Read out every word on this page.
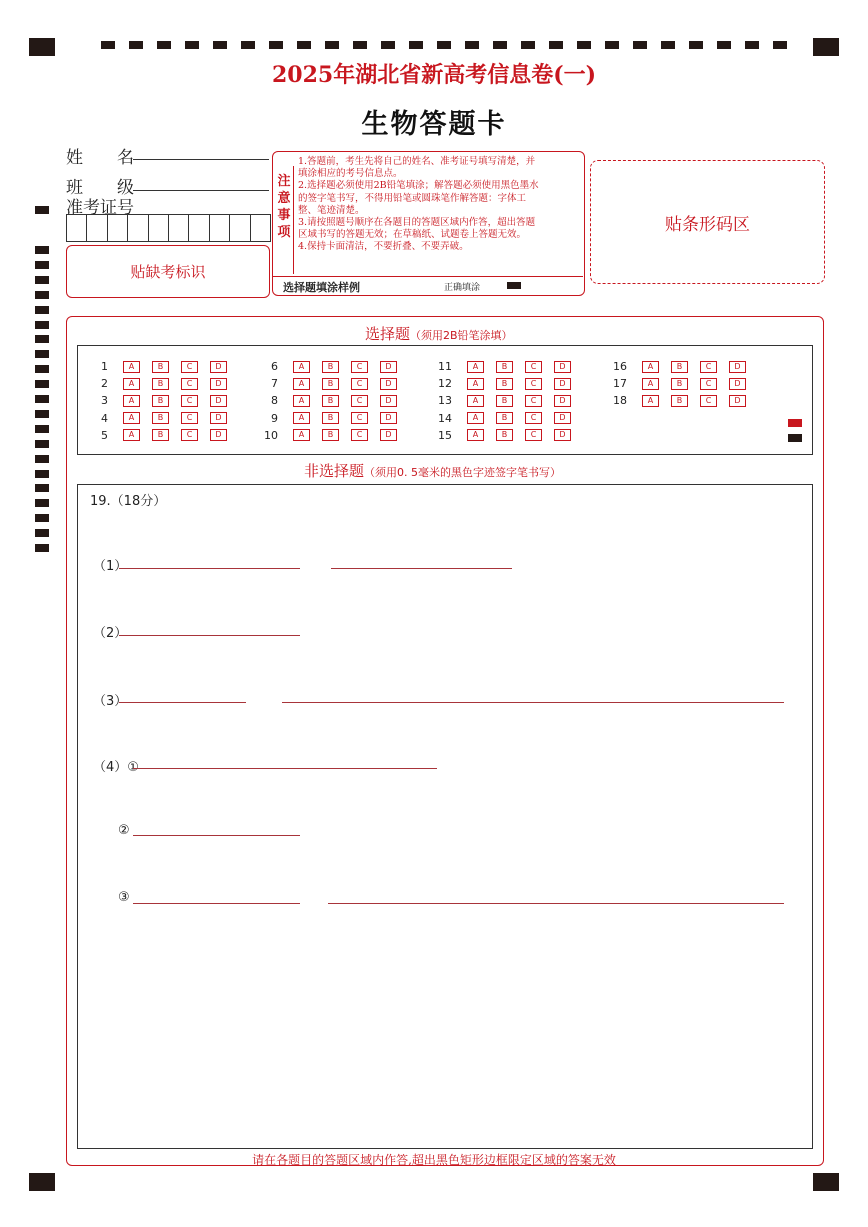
2025年湖北省新高考信息卷(一)
生物答题卡
姓　　名
班　　级
准考证号
贴缺考标识
注
意
事
项
1.答题前，考生先将自己的姓名、准考证号填写清楚，并
填涂相应的考号信息点。
2.选择题必须使用2B铅笔填涂；解答题必须使用黑色墨水
的签字笔书写，不得用铅笔或圆珠笔作解答题：字体工
整、笔迹清楚。
3.请按照题号顺序在各题目的答题区域内作答，超出答题
区域书写的答题无效；在草稿纸、试题卷上答题无效。
4.保持卡面清洁，不要折叠、不要弄破。
选择题填涂样例	正确填涂
贴条形码区
选择题（须用2B铅笔涂填）
1	A	B	C	D
2	A	B	C	D
3	A	B	C	D
4	A	B	C	D
5	A	B	C	D
6	A	B	C	D
7	A	B	C	D
8	A	B	C	D
9	A	B	C	D
10	A	B	C	D
11	A	B	C	D
12	A	B	C	D
13	A	B	C	D
14	A	B	C	D
15	A	B	C	D
16	A	B	C	D
17	A	B	C	D
18	A	B	C	D
非选择题（须用0. 5毫米的黑色字迹签字笔书写）
19.（18分）
（1）
（2）
（3）
（4）①
②
③
请在各题目的答题区域内作答,超出黑色矩形边框限定区域的答案无效
